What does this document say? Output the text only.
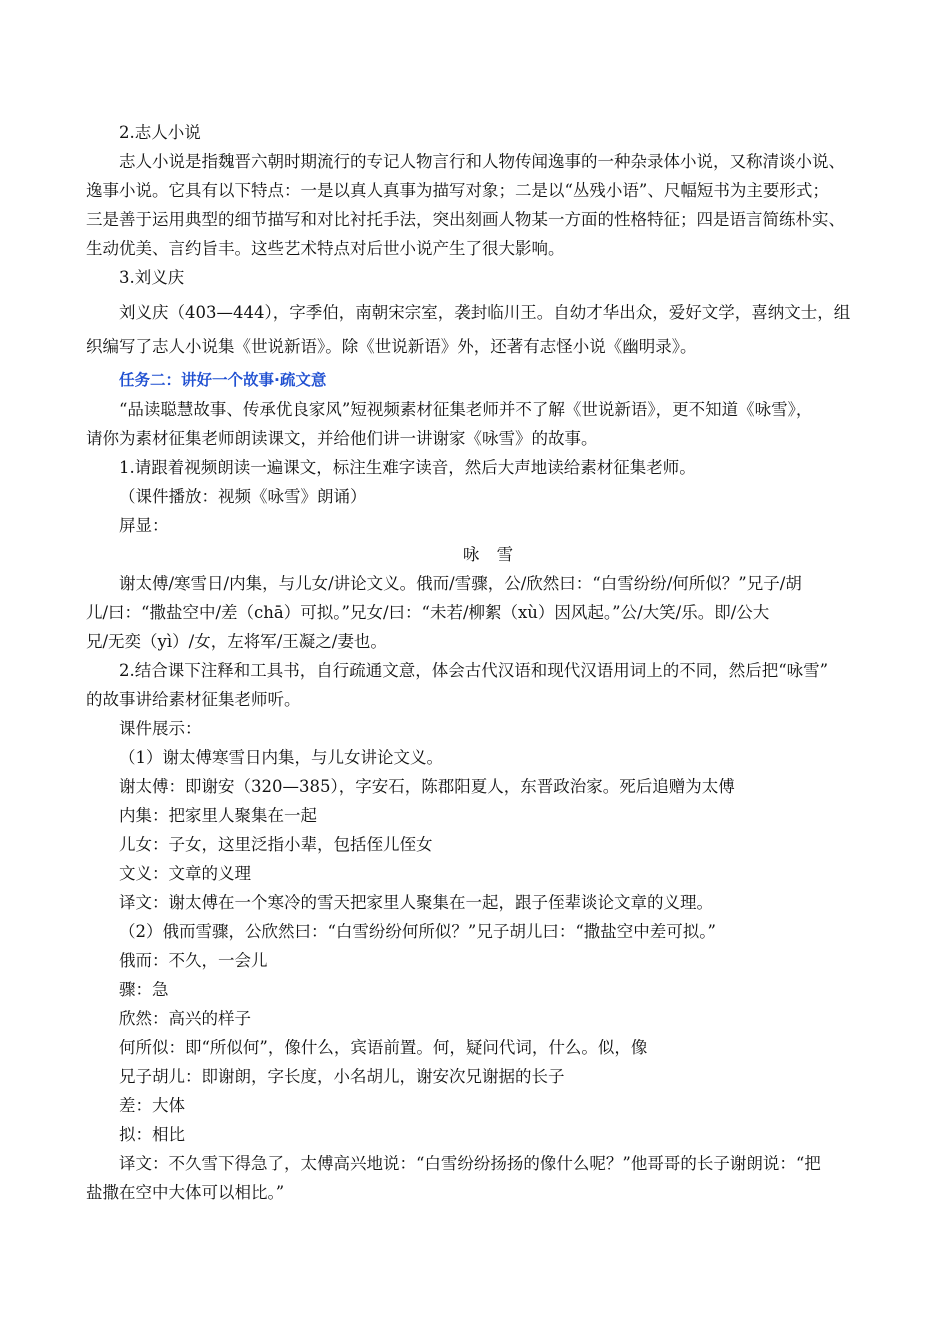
2.志人小说
志人小说是指魏晋六朝时期流行的专记人物言行和人物传闻逸事的一种杂录体小说，又称清谈小说、
逸事小说。它具有以下特点：一是以真人真事为描写对象；二是以“丛残小语”、尺幅短书为主要形式；
三是善于运用典型的细节描写和对比衬托手法，突出刻画人物某一方面的性格特征；四是语言简练朴实、
生动优美、言约旨丰。这些艺术特点对后世小说产生了很大影响。
3.刘义庆
刘义庆（403—444），字季伯，南朝宋宗室，袭封临川王。自幼才华出众，爱好文学，喜纳文士，组
织编写了志人小说集《世说新语》。除《世说新语》外，还著有志怪小说《幽明录》。
任务二：讲好一个故事·疏文意
“品读聪慧故事、传承优良家风”短视频素材征集老师并不了解《世说新语》，更不知道《咏雪》，
请你为素材征集老师朗读课文，并给他们讲一讲谢家《咏雪》的故事。
1.请跟着视频朗读一遍课文，标注生难字读音，然后大声地读给素材征集老师。
（课件播放：视频《咏雪》朗诵）
屏显：
咏 雪
谢太傅/寒雪日/内集，与儿女/讲论文义。俄而/雪骤，公/欣然曰：“白雪纷纷/何所似？”兄子/胡
儿/曰：“撒盐空中/差（chā）可拟。”兄女/曰：“未若/柳絮（xù）因风起。”公/大笑/乐。即/公大
兄/无奕（yì）/女，左将军/王凝之/妻也。
2.结合课下注释和工具书，自行疏通文意，体会古代汉语和现代汉语用词上的不同，然后把“咏雪”
的故事讲给素材征集老师听。
课件展示：
（1）谢太傅寒雪日内集，与儿女讲论文义。
谢太傅：即谢安（320—385），字安石，陈郡阳夏人，东晋政治家。死后追赠为太傅
内集：把家里人聚集在一起
儿女：子女，这里泛指小辈，包括侄儿侄女
文义：文章的义理
译文：谢太傅在一个寒冷的雪天把家里人聚集在一起，跟子侄辈谈论文章的义理。
（2）俄而雪骤，公欣然曰：“白雪纷纷何所似？”兄子胡儿曰：“撒盐空中差可拟。”
俄而：不久，一会儿
骤：急
欣然：高兴的样子
何所似：即“所似何”，像什么，宾语前置。何，疑问代词，什么。似，像
兄子胡儿：即谢朗，字长度，小名胡儿，谢安次兄谢据的长子
差：大体
拟：相比
译文：不久雪下得急了，太傅高兴地说：“白雪纷纷扬扬的像什么呢？”他哥哥的长子谢朗说：“把
盐撒在空中大体可以相比。”
